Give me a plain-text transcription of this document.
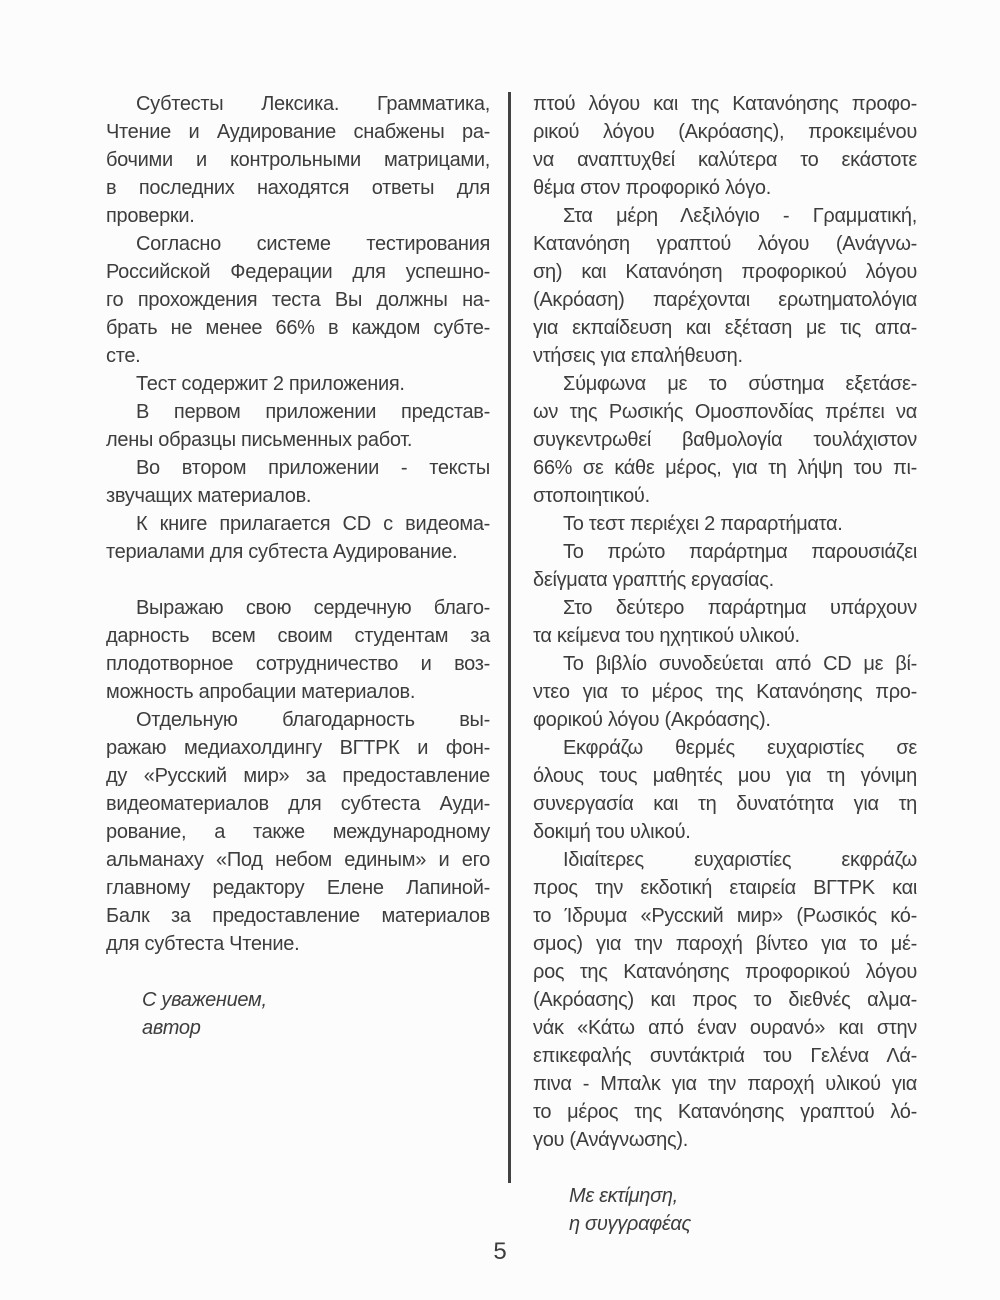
Субтесты Лексика. Грамматика,
Чтение и Аудирование снабжены ра-
бочими и контрольными матрицами,
в последних находятся ответы для
проверки.
Согласно системе тестирования
Российской Федерации для успешно-
го прохождения теста Вы должны на-
брать не менее 66% в каждом субте-
сте.
Тест содержит 2 приложения.
В первом приложении представ-
лены образцы письменных работ.
Во втором приложении - тексты
звучащих материалов.
К книге прилагается CD с видеома-
териалами для субтеста Аудирование.

Выражаю свою сердечную благо-
дарность всем своим студентам за
плодотворное сотрудничество и воз-
можность апробации материалов.
Отдельную благодарность вы-
ражаю медиахолдингу ВГТРК и фон-
ду «Русский мир» за предоставление
видеоматериалов для субтеста Ауди-
рование, а также международному
альманаху «Под небом единым» и его
главному редактору Елене Лапиной-
Балк за предоставление материалов
для субтеста Чтение.

С уважением,
автор
πτού λόγου και της Κατανόησης προφο-
ρικού λόγου (Ακρόασης), προκειμένου
να αναπτυχθεί καλύτερα το εκάστοτε
θέμα στον προφορικό λόγο.
Στα μέρη Λεξιλόγιο - Γραμματική,
Κατανόηση γραπτού λόγου (Ανάγνω-
ση) και Κατανόηση προφορικού λόγου
(Ακρόαση) παρέχονται ερωτηματολόγια
για εκπαίδευση και εξέταση με τις απα-
ντήσεις για επαλήθευση.
Σύμφωνα με το σύστημα εξετάσε-
ων της Ρωσικής Ομοσπονδίας πρέπει να
συγκεντρωθεί βαθμολογία τουλάχιστον
66% σε κάθε μέρος, για τη λήψη του πι-
στοποιητικού.
Το τεστ περιέχει 2 παραρτήματα.
Το πρώτο παράρτημα παρουσιάζει
δείγματα γραπτής εργασίας.
Στο δεύτερο παράρτημα υπάρχουν
τα κείμενα του ηχητικού υλικού.
Το βιβλίο συνοδεύεται από CD με βί-
ντεο για το μέρος της Κατανόησης προ-
φορικού λόγου (Ακρόασης).
Εκφράζω θερμές ευχαριστίες σε
όλους τους μαθητές μου για τη γόνιμη
συνεργασία και τη δυνατότητα για τη
δοκιμή του υλικού.
Ιδιαίτερες ευχαριστίες εκφράζω
προς την εκδοτική εταιρεία ΒΓΤΡΚ και
το Ίδρυμα «Русский мир» (Ρωσικός κό-
σμος) για την παροχή βίντεο για το μέ-
ρος της Κατανόησης προφορικού λόγου
(Ακρόασης) και προς το διεθνές αλμα-
νάκ «Κάτω από έναν ουρανό» και στην
επικεφαλής συντάκτριά του Γελένα Λά-
πινα - Μπαλκ για την παροχή υλικού για
το μέρος της Κατανόησης γραπτού λό-
γου (Ανάγνωσης).

Με εκτίμηση,
η συγγραφέας
5
